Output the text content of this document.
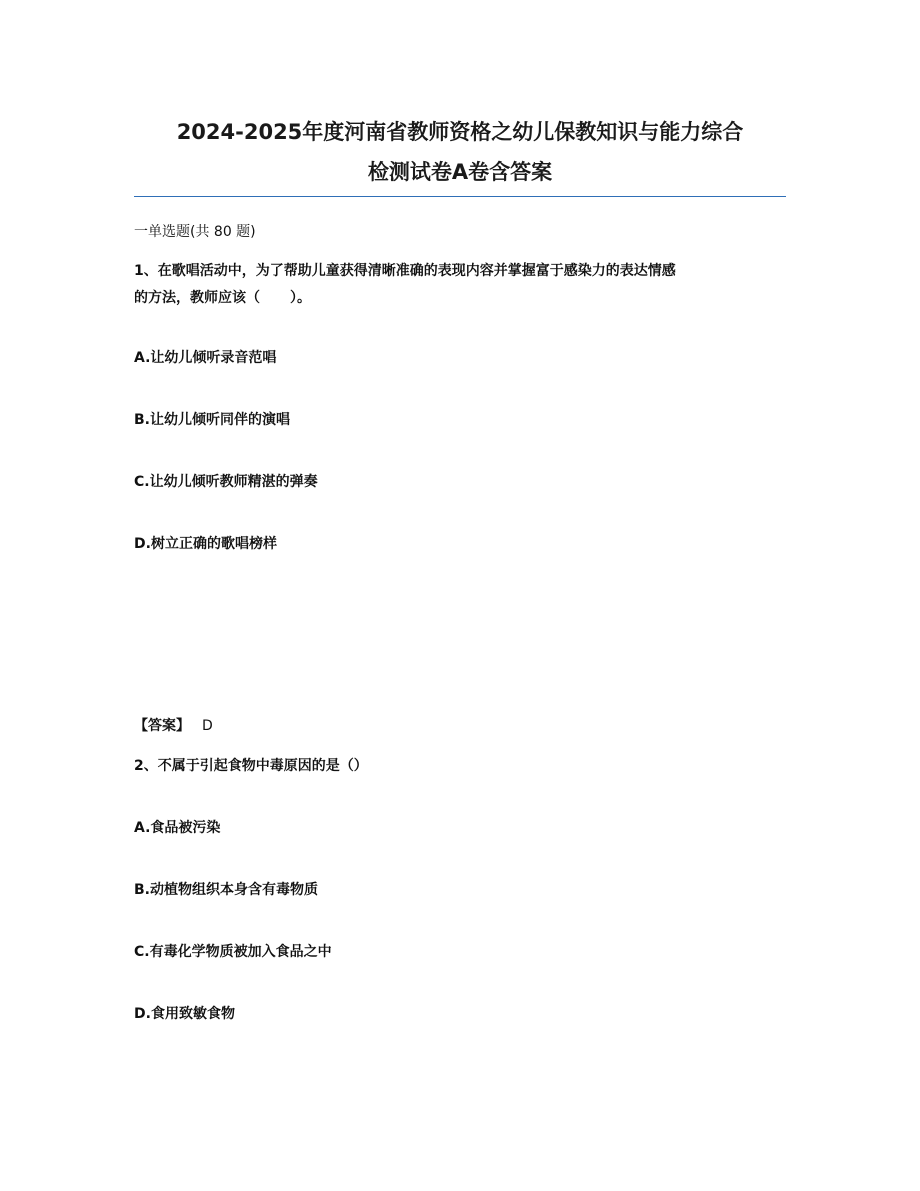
2024-2025年度河南省教师资格之幼儿保教知识与能力综合
检测试卷A卷含答案

一单选题(共 80 题)

1、在歌唱活动中，为了帮助儿童获得清晰准确的表现内容并掌握富于感染力的表达情感

的方法，教师应该（ ）。

A.让幼儿倾听录音范唱

B.让幼儿倾听同伴的演唱

C.让幼儿倾听教师精湛的弹奏

D.树立正确的歌唱榜样

【答案】 D

2、不属于引起食物中毒原因的是（）

A.食品被污染

B.动植物组织本身含有毒物质

C.有毒化学物质被加入食品之中

D.食用致敏食物
